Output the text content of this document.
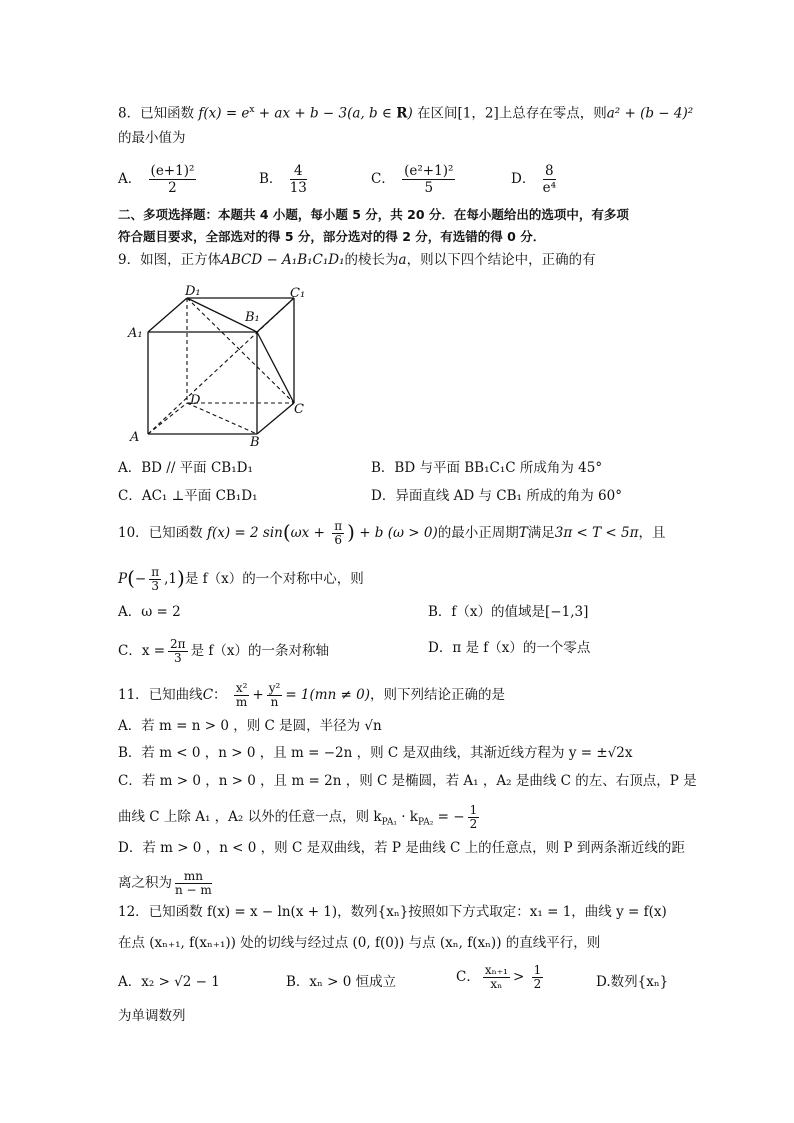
8．已知函数 $f(x) = e^x$ + ax + b − 3(a, b ∈ R) 在区间[1，2]上总存在零点，则a² + (b − 4)²
的最小值为
A． $\frac{\text{(e+1)²}}{2}$	B． $\frac{4}{13}$	C． $\frac{\text{(e²+1)²}}{5}$	D． $\frac{8}{\text{e⁴}}$
二、多项选择题：本题共 4 小题，每小题 5 分，共 20 分．在每小题给出的选项中，有多项
符合题目要求，全部选对的得 5 分，部分选对的得 2 分，有选错的得 0 分．
9．如图，正方体ABCD − A₁B₁C₁D₁的棱长为a，则以下四个结论中，正确的有
D₁	C₁
A₁
B₁
D
C
A	B
A．BD // 平面 CB₁D₁	B．BD 与平面 BB₁C₁C 所成角为 45°
C．AC₁ ⊥平面 CB₁D₁	D．异面直线 AD 与 CB₁ 所成的角为 60°
10．已知函数 f(x) = 2 $\sin(\omega x + \frac{\pi}{6}$ ) + b (ω > 0)的最小正周期T满足3π < T < 5π，且
$P(- \frac{\pi}{3} ,1)$是 f（x）的一个对称中心，则
A．ω = 2	B．f（x）的值域是[−1,3]
C．$x = \frac{2\pi}{3}$ 是 f（x）的一条对称轴	D．π 是 f（x）的一个零点
11．已知曲线C： $\frac{\text{x²}}{m} + \frac{\text{y²}}{n} = 1(mn \ne 0)$，则下列结论正确的是
A．若 m = n > 0 ，则 C 是圆，半径为 √n
B．若 m < 0 ，n > 0 ，且 m = −2n ，则 C 是双曲线，其渐近线方程为 y = ±√2x
C．若 m > 0 ，n > 0 ，且 m = 2n ，则 C 是椭圆，若 A₁ ，A₂ 是曲线 C 的左、右顶点，P 是
曲线 C 上除 A₁ ，A₂ 以外的任意一点，则 $k_{PA_1} \cdot k_{PA_2}$ = − $\frac{1}{2}$
D．若 m > 0 ，n < 0 ，则 C 是双曲线，若 P 是曲线 C 上的任意点，则 P 到两条渐近线的距
离之积为 $\frac{mn}{n - m}$
12．已知函数 f(x) = x − ln(x + 1)，数列{xₙ}按照如下方式取定：x₁ = 1，曲线 y = f(x)
在点 (xₙ₊₁, f(xₙ₊₁)) 处的切线与经过点 (0, f(0)) 与点 (xₙ, f(xₙ)) 的直线平行，则
A．x₂ > √2 − 1	B．xₙ > 0 恒成立	C． $\frac{\text{xₙ₊₁}}{\text{xₙ}} > \frac{1}{2}$	D.数列{xₙ}
为单调数列
